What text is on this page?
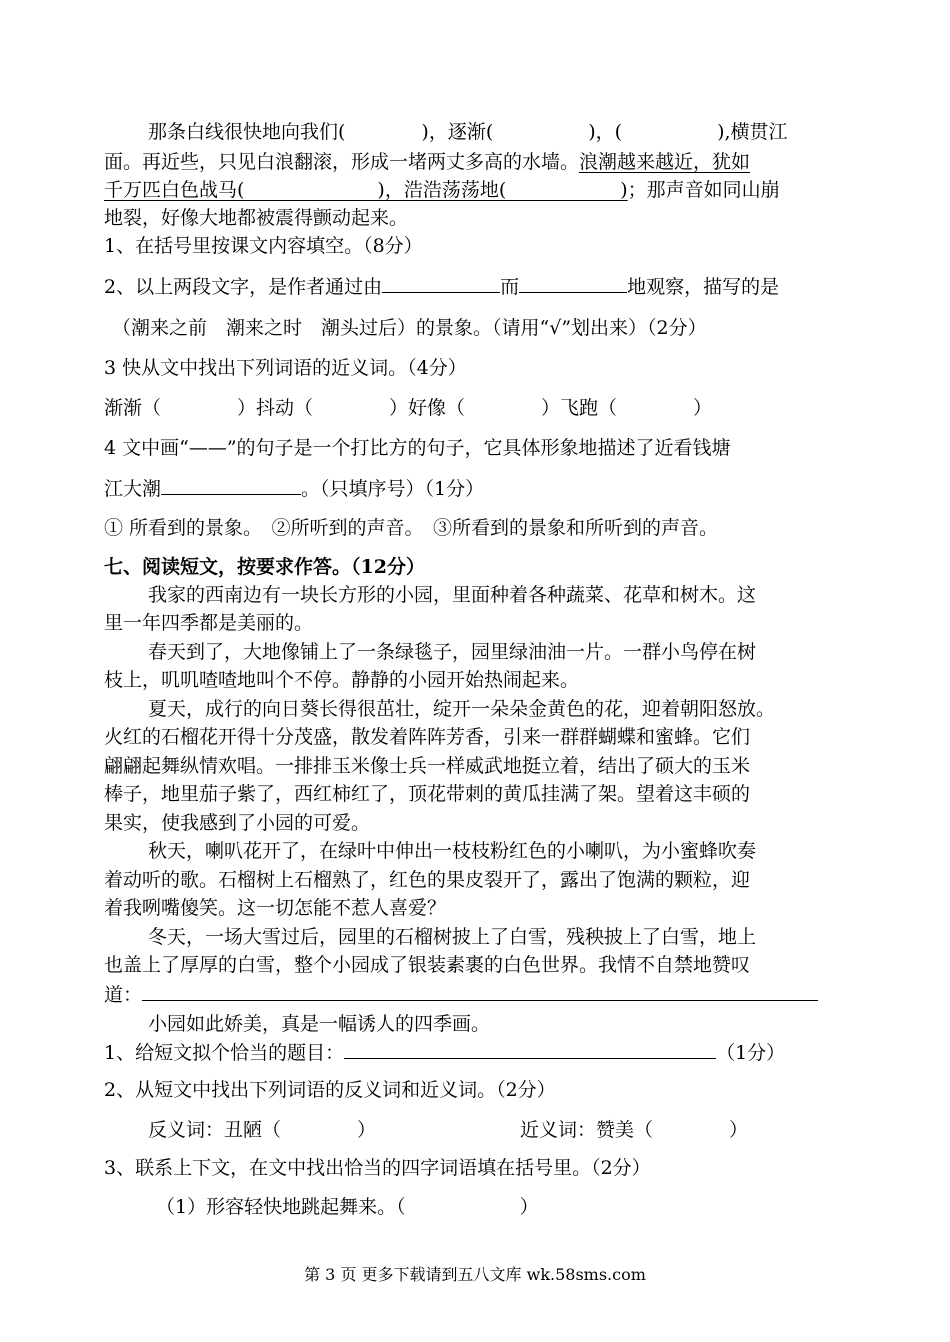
那条白线很快地向我们(　　　　)，逐渐(　　　　　)，(　　　　　),横贯江
面。再近些，只见白浪翻滚，形成一堵两丈多高的水墙。浪潮越来越近，犹如
千万匹白色战马(　　　　　　　)，浩浩荡荡地(　　　　　　)；那声音如同山崩
地裂，好像大地都被震得颤动起来。
1、在括号里按课文内容填空。（8分）
2、以上两段文字，是作者通过由	而	地观察，描写的是
（潮来之前　潮来之时　潮头过后）的景象。（请用“√”划出来）（2分）
3 快从文中找出下列词语的近义词。（4分）
渐渐（　　　　）抖动（　　　　）好像（　　　　）飞跑（　　　　）
4 文中画“——”的句子是一个打比方的句子，它具体形象地描述了近看钱塘
江大潮	。（只填序号）（1分）
① 所看到的景象。　②所听到的声音。　③所看到的景象和所听到的声音。
七、阅读短文，按要求作答。（12分）
我家的西南边有一块长方形的小园，里面种着各种蔬菜、花草和树木。这
里一年四季都是美丽的。
春天到了，大地像铺上了一条绿毯子，园里绿油油一片。一群小鸟停在树
枝上，叽叽喳喳地叫个不停。静静的小园开始热闹起来。
夏天，成行的向日葵长得很茁壮，绽开一朵朵金黄色的花，迎着朝阳怒放。
火红的石榴花开得十分茂盛，散发着阵阵芳香，引来一群群蝴蝶和蜜蜂。它们
翩翩起舞纵情欢唱。一排排玉米像士兵一样威武地挺立着，结出了硕大的玉米
棒子，地里茄子紫了，西红柿红了，顶花带刺的黄瓜挂满了架。望着这丰硕的
果实，使我感到了小园的可爱。
秋天，喇叭花开了，在绿叶中伸出一枝枝粉红色的小喇叭，为小蜜蜂吹奏
着动听的歌。石榴树上石榴熟了，红色的果皮裂开了，露出了饱满的颗粒，迎
着我咧嘴傻笑。这一切怎能不惹人喜爱？
冬天，一场大雪过后，园里的石榴树披上了白雪，残秧披上了白雪，地上
也盖上了厚厚的白雪，整个小园成了银装素裹的白色世界。我情不自禁地赞叹
道：
小园如此娇美，真是一幅诱人的四季画。
1、给短文拟个恰当的题目：	（1分）
2、从短文中找出下列词语的反义词和近义词。（2分）
反义词：丑陋（　　　　）	近义词：赞美（　　　　）
3、联系上下文，在文中找出恰当的四字词语填在括号里。（2分）
（1）形容轻快地跳起舞来。（　　　　　　）
第 3 页 更多下载请到五八文库 wk.58sms.com
